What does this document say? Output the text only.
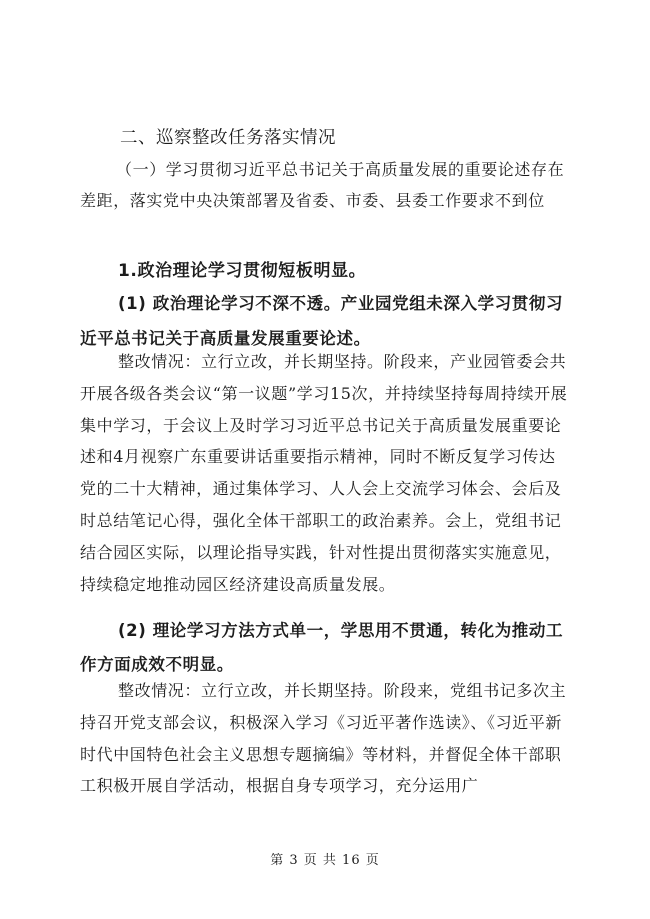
二、巡察整改任务落实情况

（一）学习贯彻习近平总书记关于高质量发展的重要论述存在差距，落实党中央决策部署及省委、市委、县委工作要求不到位

1.政治理论学习贯彻短板明显。

(1) 政治理论学习不深不透。产业园党组未深入学习贯彻习近平总书记关于高质量发展重要论述。

整改情况：立行立改，并长期坚持。阶段来，产业园管委会共开展各级各类会议“第一议题”学习15次，并持续坚持每周持续开展集中学习，于会议上及时学习习近平总书记关于高质量发展重要论述和4月视察广东重要讲话重要指示精神，同时不断反复学习传达党的二十大精神，通过集体学习、人人会上交流学习体会、会后及时总结笔记心得，强化全体干部职工的政治素养。会上，党组书记结合园区实际，以理论指导实践，针对性提出贯彻落实实施意见，持续稳定地推动园区经济建设高质量发展。

(2) 理论学习方法方式单一，学思用不贯通，转化为推动工作方面成效不明显。

整改情况：立行立改，并长期坚持。阶段来，党组书记多次主持召开党支部会议，积极深入学习《习近平著作选读》、《习近平新时代中国特色社会主义思想专题摘编》等材料，并督促全体干部职工积极开展自学活动，根据自身专项学习，充分运用广

第 3 页 共 16 页
